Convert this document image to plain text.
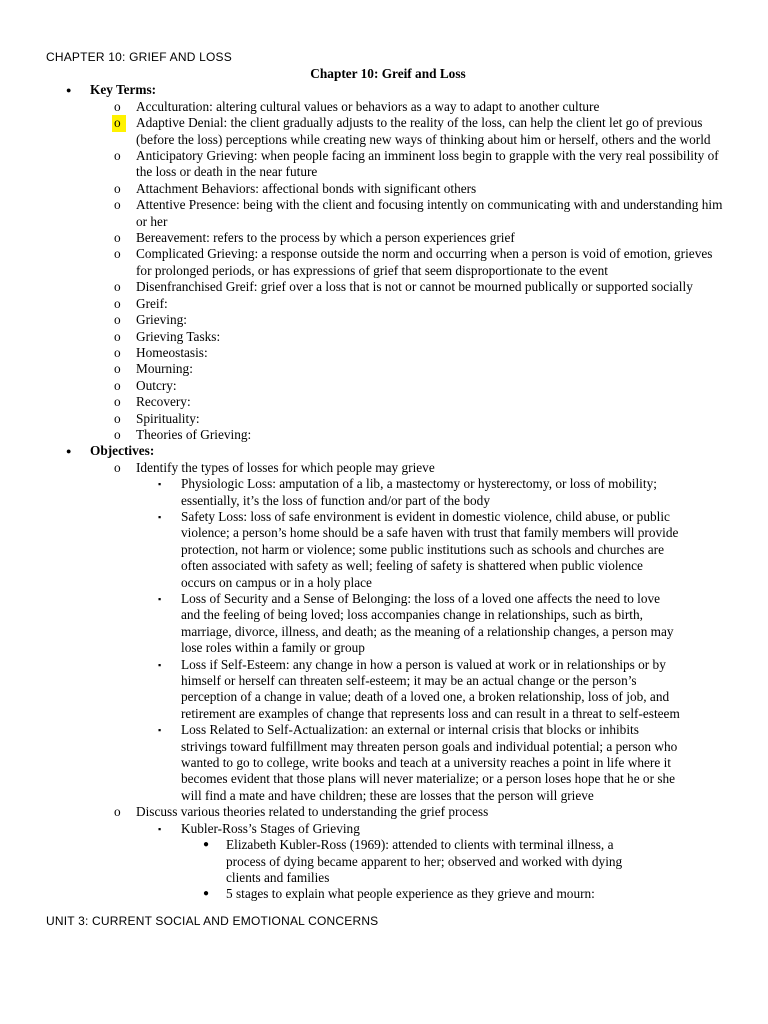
CHAPTER 10: GRIEF AND LOSS
Chapter 10: Greif and Loss
● Key Terms:
o Acculturation: altering cultural values or behaviors as a way to adapt to another culture
o	Adaptive Denial: the client gradually adjusts to the reality of the loss, can help the client let go of previous (before the loss) perceptions while creating new ways of thinking about him or herself, others and the world
o Anticipatory Grieving: when people facing an imminent loss begin to grapple with the very real possibility of the loss or death in the near future
o Attachment Behaviors: affectional bonds with significant others
o Attentive Presence: being with the client and focusing intently on communicating with and understanding him or her
o Bereavement: refers to the process by which a person experiences grief
o Complicated Grieving: a response outside the norm and occurring when a person is void of emotion, grieves for prolonged periods, or has expressions of grief that seem disproportionate to the event
o Disenfranchised Greif: grief over a loss that is not or cannot be mourned publically or supported socially
o Greif:
o Grieving:
o Grieving Tasks:
o Homeostasis:
o Mourning:
o Outcry:
o Recovery:
o Spirituality:
o Theories of Grieving:
● Objectives:
o Identify the types of losses for which people may grieve
▪ Physiologic Loss: amputation of a lib, a mastectomy or hysterectomy, or loss of mobility; essentially, it’s the loss of function and/or part of the body
▪ Safety Loss: loss of safe environment is evident in domestic violence, child abuse, or public violence; a person’s home should be a safe haven with trust that family members will provide protection, not harm or violence; some public institutions such as schools and churches are often associated with safety as well; feeling of safety is shattered when public violence occurs on campus or in a holy place
▪ Loss of Security and a Sense of Belonging: the loss of a loved one affects the need to love and the feeling of being loved; loss accompanies change in relationships, such as birth, marriage, divorce, illness, and death; as the meaning of a relationship changes, a person may lose roles within a family or group
▪ Loss if Self-Esteem: any change in how a person is valued at work or in relationships or by himself or herself can threaten self-esteem; it may be an actual change or the person’s perception of a change in value; death of a loved one, a broken relationship, loss of job, and retirement are examples of change that represents loss and can result in a threat to self-esteem
▪ Loss Related to Self-Actualization: an external or internal crisis that blocks or inhibits strivings toward fulfillment may threaten person goals and individual potential; a person who wanted to go to college, write books and teach at a university reaches a point in life where it becomes evident that those plans will never materialize; or a person loses hope that he or she will find a mate and have children; these are losses that the person will grieve
o Discuss various theories related to understanding the grief process
▪ Kubler-Ross’s Stages of Grieving
● Elizabeth Kubler-Ross (1969): attended to clients with terminal illness, a process of dying became apparent to her; observed and worked with dying clients and families
● 5 stages to explain what people experience as they grieve and mourn:
UNIT 3: CURRENT SOCIAL AND EMOTIONAL CONCERNS
